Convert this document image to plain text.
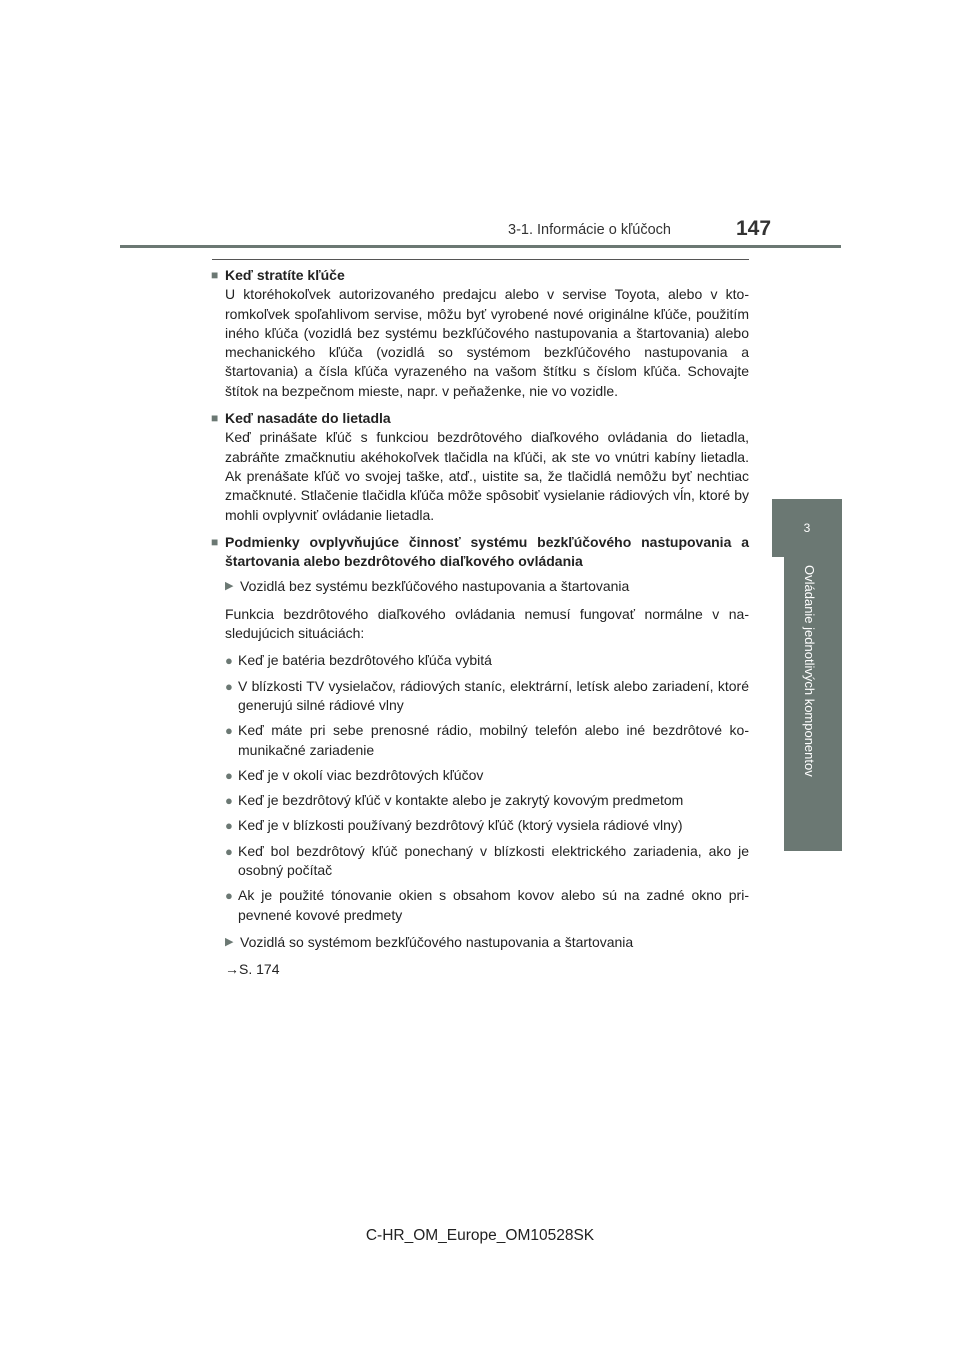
3-1. Informácie o kľúčoch	147
3
Ovládanie jednotlivých komponentov
■ Keď stratíte kľúče
U ktoréhokoľvek autorizovaného predajcu alebo v servise Toyota, alebo v ktoromkoľvek spoľahlivom servise, môžu byť vyrobené nové originálne kľúče, použitím iného kľúča (vozidlá bez systému bezkľúčového nastupovania a štartovania) alebo mechanického kľúča (vozidlá so systémom bezkľúčového nastupovania a štartovania) a čísla kľúča vyrazeného na vašom štítku s číslom kľúča. Schovajte štítok na bezpečnom mieste, napr. v peňaženke, nie vo vozidle.
■ Keď nasadáte do lietadla
Keď prinášate kľúč s funkciou bezdrôtového diaľkového ovládania do lietadla, zabráňte zmačknutiu akéhokoľvek tlačidla na kľúči, ak ste vo vnútri kabíny lietadla. Ak prenášate kľúč vo svojej taške, atď., uistite sa, že tlačidlá nemôžu byť nechtiac zmačknuté. Stlačenie tlačidla kľúča môže spôsobiť vysielanie rádiových vĺn, ktoré by mohli ovplyvniť ovládanie lietadla.
■ Podmienky ovplyvňujúce činnosť systému bezkľúčového nastupovania a štartovania alebo bezdrôtového diaľkového ovládania
▶ Vozidlá bez systému bezkľúčového nastupovania a štartovania
Funkcia bezdrôtového diaľkového ovládania nemusí fungovať normálne v nasledujúcich situáciách:
● Keď je batéria bezdrôtového kľúča vybitá
● V blízkosti TV vysielačov, rádiových staníc, elektrární, letísk alebo zariadení, ktoré generujú silné rádiové vlny
● Keď máte pri sebe prenosné rádio, mobilný telefón alebo iné bezdrôtové komunikačné zariadenie
● Keď je v okolí viac bezdrôtových kľúčov
● Keď je bezdrôtový kľúč v kontakte alebo je zakrytý kovovým predmetom
● Keď je v blízkosti používaný bezdrôtový kľúč (ktorý vysiela rádiové vlny)
● Keď bol bezdrôtový kľúč ponechaný v blízkosti elektrického zariadenia, ako je osobný počítač
● Ak je použité tónovanie okien s obsahom kovov alebo sú na zadné okno pripevnené kovové predmety
▶ Vozidlá so systémom bezkľúčového nastupovania a štartovania
→S. 174
C-HR_OM_Europe_OM10528SK
